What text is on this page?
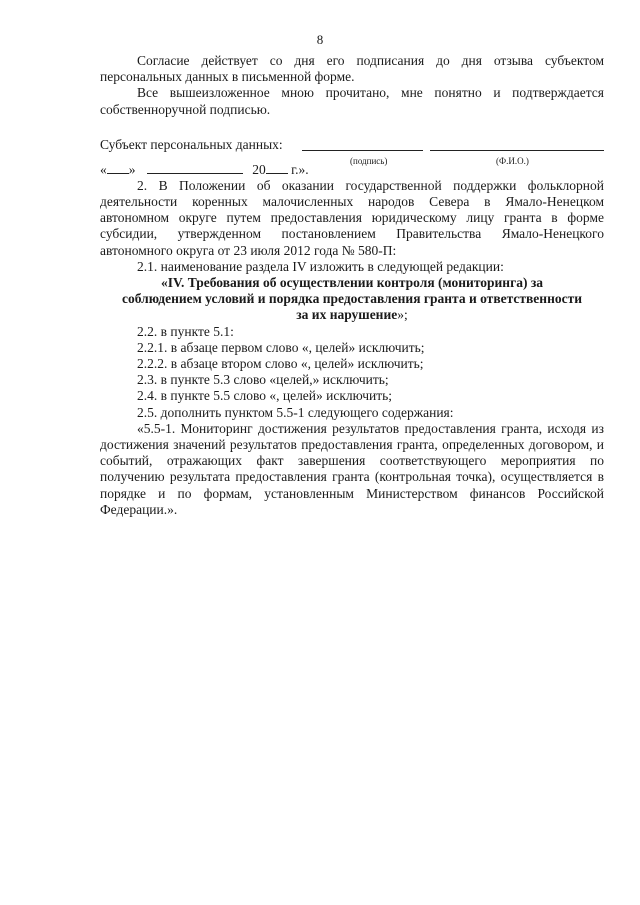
8

Согласие действует со дня его подписания до дня отзыва субъектом персональных данных в письменной форме.

Все вышеизложенное мною прочитано, мне понятно и подтверждается собственноручной подписью.

Субъект персональных данных:
(подпись)	(Ф.И.О.)
« »	20 г.».

2. В Положении об оказании государственной поддержки фольклорной деятельности коренных малочисленных народов Севера в Ямало-Ненецком автономном округе путем предоставления юридическому лицу гранта в форме субсидии, утвержденном постановлением Правительства Ямало-Ненецкого автономного округа от 23 июля 2012 года № 580-П:

2.1. наименование раздела IV изложить в следующей редакции:

«IV. Требования об осуществлении контроля (мониторинга) за
соблюдением условий и порядка предоставления гранта и ответственности
за их нарушение»;

2.2. в пункте 5.1:

2.2.1. в абзаце первом слово «, целей» исключить;

2.2.2. в абзаце втором слово «, целей» исключить;

2.3. в пункте 5.3 слово «целей,» исключить;

2.4. в пункте 5.5 слово «, целей» исключить;

2.5. дополнить пунктом 5.5-1 следующего содержания:

«5.5-1. Мониторинг достижения результатов предоставления гранта, исходя из достижения значений результатов предоставления гранта, определенных договором, и событий, отражающих факт завершения соответствующего мероприятия по получению результата предоставления гранта (контрольная точка), осуществляется в порядке и по формам, установленным Министерством финансов Российской Федерации.».
